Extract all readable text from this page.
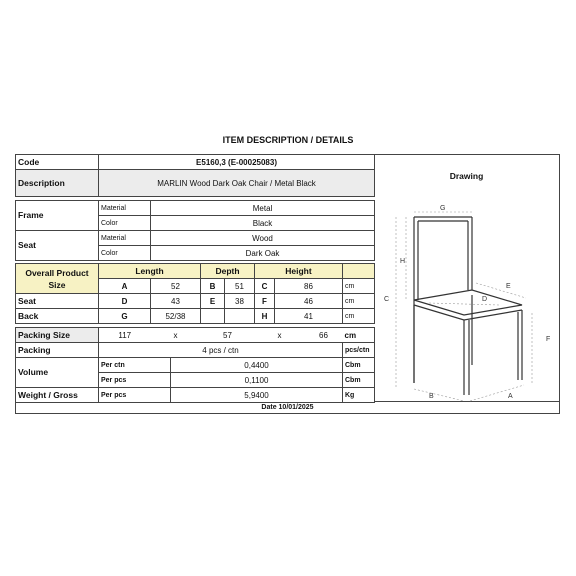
ITEM DESCRIPTION / DETAILS
Code	E5160,3 (E-00025083)								
Description	MARLIN Wood Dark Oak Chair / Metal Black								

Frame	Material	Metal							
	Color	Black							
Seat	Material	Wood							
	Color	Dark Oak							

Overall Product
Size	Length			Depth		Height			
	A	52		B	51	C	86		cm
Seat	D	43		E	38	F	46		cm
Back	G	52/38				H	41		cm

Packing Size	117	x		57		x		66	cm
Packing	4 pcs / ctn								pcs/ctn
Volume	Per ctn		0,4400						Cbm
	Per pcs		0,1100						Cbm
Weight / Gross	Per pcs		5,9400						Kg
Drawing
G
H
C
E
D
F
B	A
Date 10/01/2025
